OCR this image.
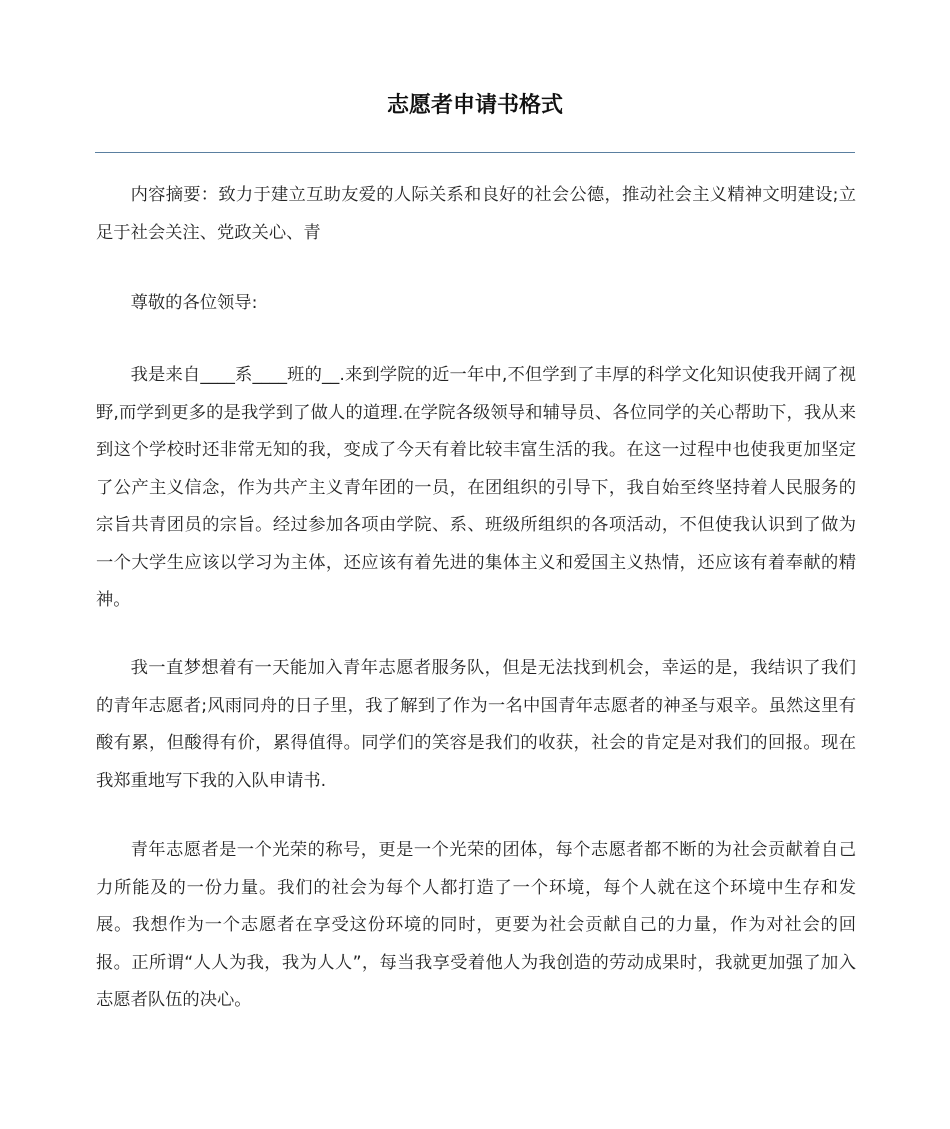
志愿者申请书格式

内容摘要：致力于建立互助友爱的人际关系和良好的社会公德，推动社会主义精神文明建设;立足于社会关注、党政关心、青

尊敬的各位领导:

我是来自____系____班的__.来到学院的近一年中,不但学到了丰厚的科学文化知识使我开阔了视野,而学到更多的是我学到了做人的道理.在学院各级领导和辅导员、各位同学的关心帮助下，我从来到这个学校时还非常无知的我，变成了今天有着比较丰富生活的我。在这一过程中也使我更加坚定了公产主义信念，作为共产主义青年团的一员，在团组织的引导下，我自始至终坚持着人民服务的宗旨共青团员的宗旨。经过参加各项由学院、系、班级所组织的各项活动，不但使我认识到了做为一个大学生应该以学习为主体，还应该有着先进的集体主义和爱国主义热情，还应该有着奉献的精神。

我一直梦想着有一天能加入青年志愿者服务队，但是无法找到机会，幸运的是，我结识了我们的青年志愿者;风雨同舟的日子里，我了解到了作为一名中国青年志愿者的神圣与艰辛。虽然这里有酸有累，但酸得有价，累得值得。同学们的笑容是我们的收获，社会的肯定是对我们的回报。现在我郑重地写下我的入队申请书.

青年志愿者是一个光荣的称号，更是一个光荣的团体，每个志愿者都不断的为社会贡献着自己力所能及的一份力量。我们的社会为每个人都打造了一个环境，每个人就在这个环境中生存和发展。我想作为一个志愿者在享受这份环境的同时，更要为社会贡献自己的力量，作为对社会的回报。正所谓“人人为我，我为人人”，每当我享受着他人为我创造的劳动成果时，我就更加强了加入志愿者队伍的决心。
